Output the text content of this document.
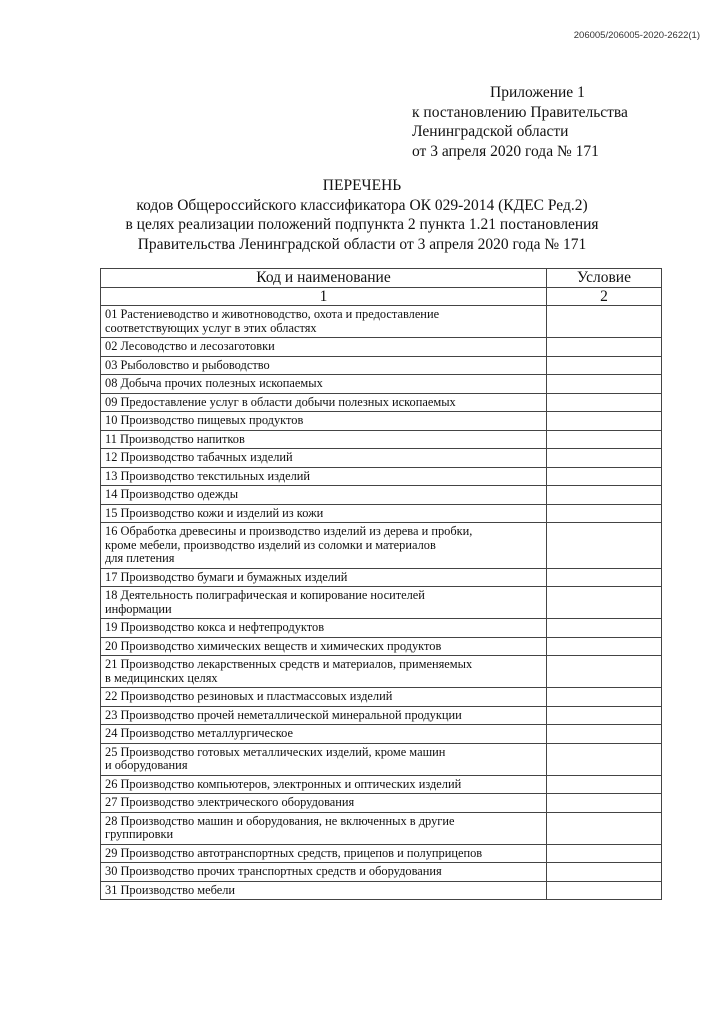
206005/206005-2020-2622(1)
Приложение 1
к постановлению Правительства
Ленинградской области
от 3 апреля 2020 года № 171
ПЕРЕЧЕНЬ
кодов Общероссийского классификатора ОК 029-2014 (КДЕС Ред.2)
в целях реализации положений подпункта 2 пункта 1.21 постановления
Правительства Ленинградской области от 3 апреля 2020 года № 171
Код и наименование	Условие
1	2
01 Растениеводство и животноводство, охота и предоставление
соответствующих услуг в этих областях	
02 Лесоводство и лесозаготовки	
03 Рыболовство и рыбоводство	
08 Добыча прочих полезных ископаемых	
09 Предоставление услуг в области добычи полезных ископаемых	
10 Производство пищевых продуктов	
11 Производство напитков	
12 Производство табачных изделий	
13 Производство текстильных изделий	
14 Производство одежды	
15 Производство кожи и изделий из кожи	
16 Обработка древесины и производство изделий из дерева и пробки,
кроме мебели, производство изделий из соломки и материалов
для плетения	
17 Производство бумаги и бумажных изделий	
18 Деятельность полиграфическая и копирование носителей
информации	
19 Производство кокса и нефтепродуктов	
20 Производство химических веществ и химических продуктов	
21 Производство лекарственных средств и материалов, применяемых
в медицинских целях	
22 Производство резиновых и пластмассовых изделий	
23 Производство прочей неметаллической минеральной продукции	
24 Производство металлургическое	
25 Производство готовых металлических изделий, кроме машин
и оборудования	
26 Производство компьютеров, электронных и оптических изделий	
27 Производство электрического оборудования	
28 Производство машин и оборудования, не включенных в другие
группировки	
29 Производство автотранспортных средств, прицепов и полуприцепов	
30 Производство прочих транспортных средств и оборудования	
31 Производство мебели	
